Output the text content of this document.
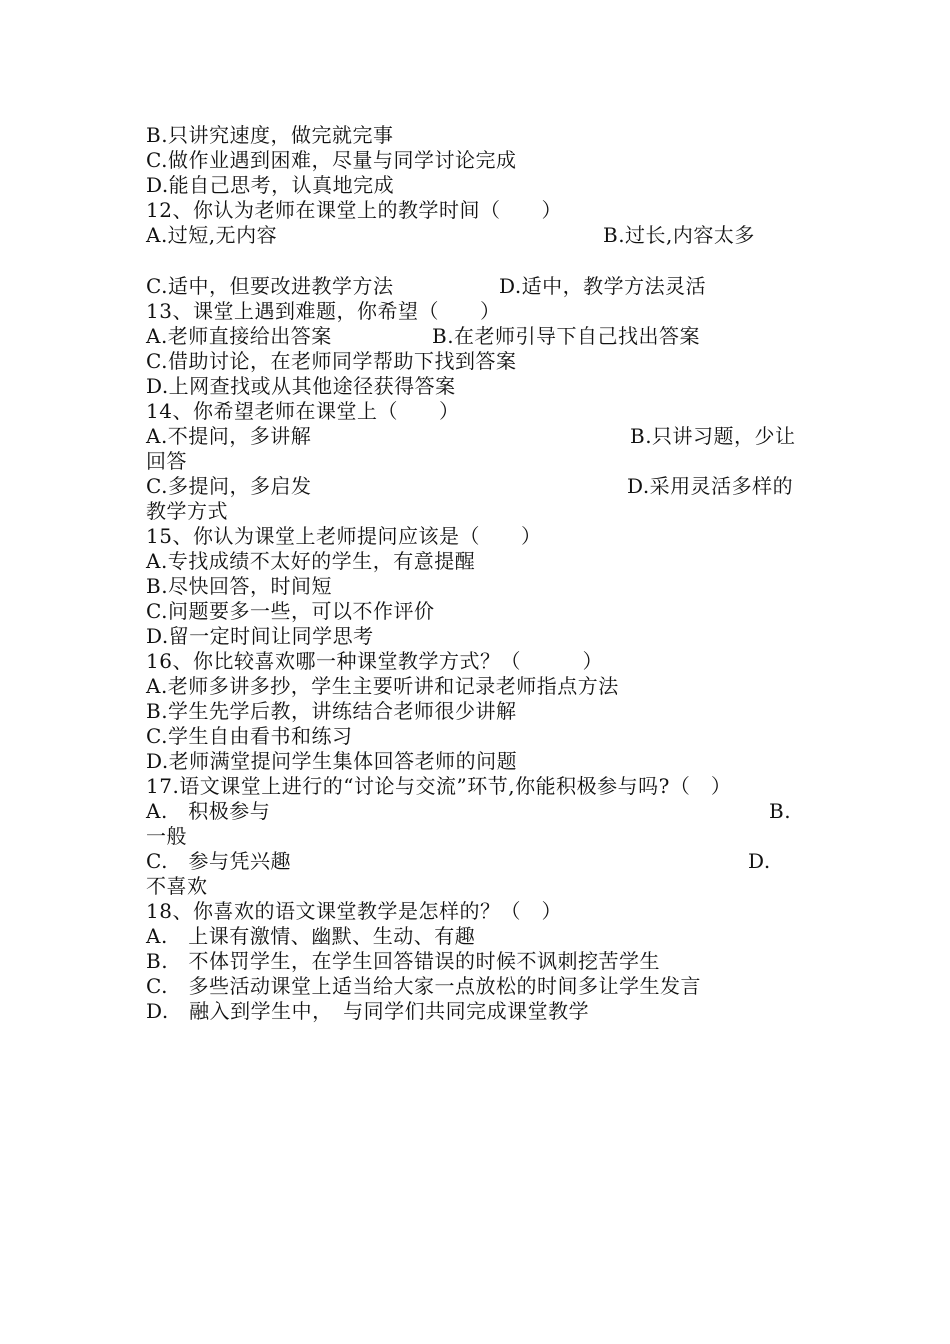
B.只讲究速度，做完就完事
C.做作业遇到困难，尽量与同学讨论完成
D.能自己思考，认真地完成
12、你认为老师在课堂上的教学时间（　　）
A.过短,无内容	B.过长,内容太多
C.适中，但要改进教学方法	D.适中，教学方法灵活
13、课堂上遇到难题，你希望（　　）
A.老师直接给出答案	B.在老师引导下自己找出答案
C.借助讨论，在老师同学帮助下找到答案
D.上网查找或从其他途径获得答案
14、你希望老师在课堂上（　　）
A.不提问，多讲解	B.只讲习题，少让
回答
C.多提问，多启发	D.采用灵活多样的
教学方式
15、你认为课堂上老师提问应该是（　　）
A.专找成绩不太好的学生，有意提醒
B.尽快回答，时间短
C.问题要多一些，可以不作评价
D.留一定时间让同学思考
16、你比较喜欢哪一种课堂教学方式？（　　　）
A.老师多讲多抄，学生主要听讲和记录老师指点方法
B.学生先学后教，讲练结合老师很少讲解
C.学生自由看书和练习
D.老师满堂提问学生集体回答老师的问题
17.语文课堂上进行的“讨论与交流”环节,你能积极参与吗?（　）
A.　积极参与	B.
一般
C.　参与凭兴趣	D.
不喜欢
18、你喜欢的语文课堂教学是怎样的？（　）
A.　上课有激情、幽默、生动、有趣
B.　不体罚学生，在学生回答错误的时候不讽刺挖苦学生
C.　多些活动课堂上适当给大家一点放松的时间多让学生发言
D.　融入到学生中，　与同学们共同完成课堂教学
